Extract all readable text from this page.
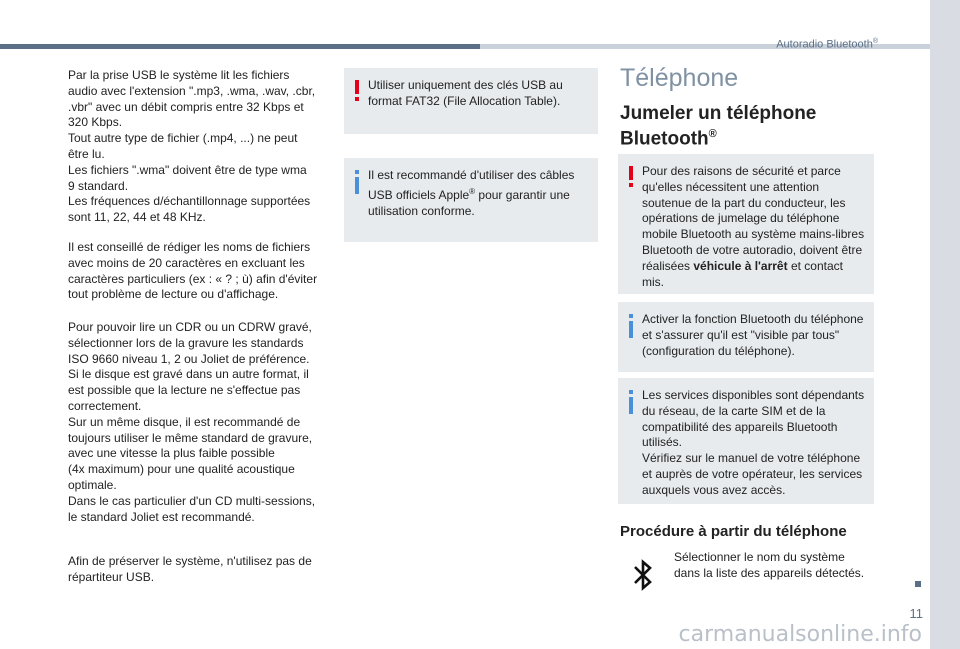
Autoradio Bluetooth®

Par la prise USB le système lit les fichiers
audio avec l'extension ".mp3, .wma, .wav, .cbr,
.vbr" avec un débit compris entre 32 Kbps et
320 Kbps.
Tout autre type de fichier (.mp4, ...) ne peut
être lu.
Les fichiers ".wma" doivent être de type wma
9 standard.
Les fréquences d/échantillonnage supportées
sont 11, 22, 44 et 48 KHz.

Il est conseillé de rédiger les noms de fichiers
avec moins de 20 caractères en excluant les
caractères particuliers (ex : « ? ; ù) afin d'éviter
tout problème de lecture ou d'affichage.

Pour pouvoir lire un CDR ou un CDRW gravé,
sélectionner lors de la gravure les standards
ISO 9660 niveau 1, 2 ou Joliet de préférence.
Si le disque est gravé dans un autre format, il
est possible que la lecture ne s'effectue pas
correctement.
Sur un même disque, il est recommandé de
toujours utiliser le même standard de gravure,
avec une vitesse la plus faible possible
(4x maximum) pour une qualité acoustique
optimale.
Dans le cas particulier d'un CD multi-sessions,
le standard Joliet est recommandé.

Afin de préserver le système, n'utilisez pas de
répartiteur USB.

Utiliser uniquement des clés USB au
format FAT32 (File Allocation Table).
Il est recommandé d'utiliser des câbles
USB officiels Apple® pour garantir une
utilisation conforme.
Téléphone
Jumeler un téléphone
Bluetooth®
Pour des raisons de sécurité et parce
qu'elles nécessitent une attention
soutenue de la part du conducteur, les
opérations de jumelage du téléphone
mobile Bluetooth au système mains-libres
Bluetooth de votre autoradio, doivent être
réalisées véhicule à l'arrêt et contact
mis.
Activer la fonction Bluetooth du téléphone
et s'assurer qu'il est "visible par tous"
(configuration du téléphone).
Les services disponibles sont dépendants
du réseau, de la carte SIM et de la
compatibilité des appareils Bluetooth
utilisés.
Vérifiez sur le manuel de votre téléphone
et auprès de votre opérateur, les services
auxquels vous avez accès.
Procédure à partir du téléphone
Sélectionner le nom du système
dans la liste des appareils détectés.
11
carmanualsonline.info
